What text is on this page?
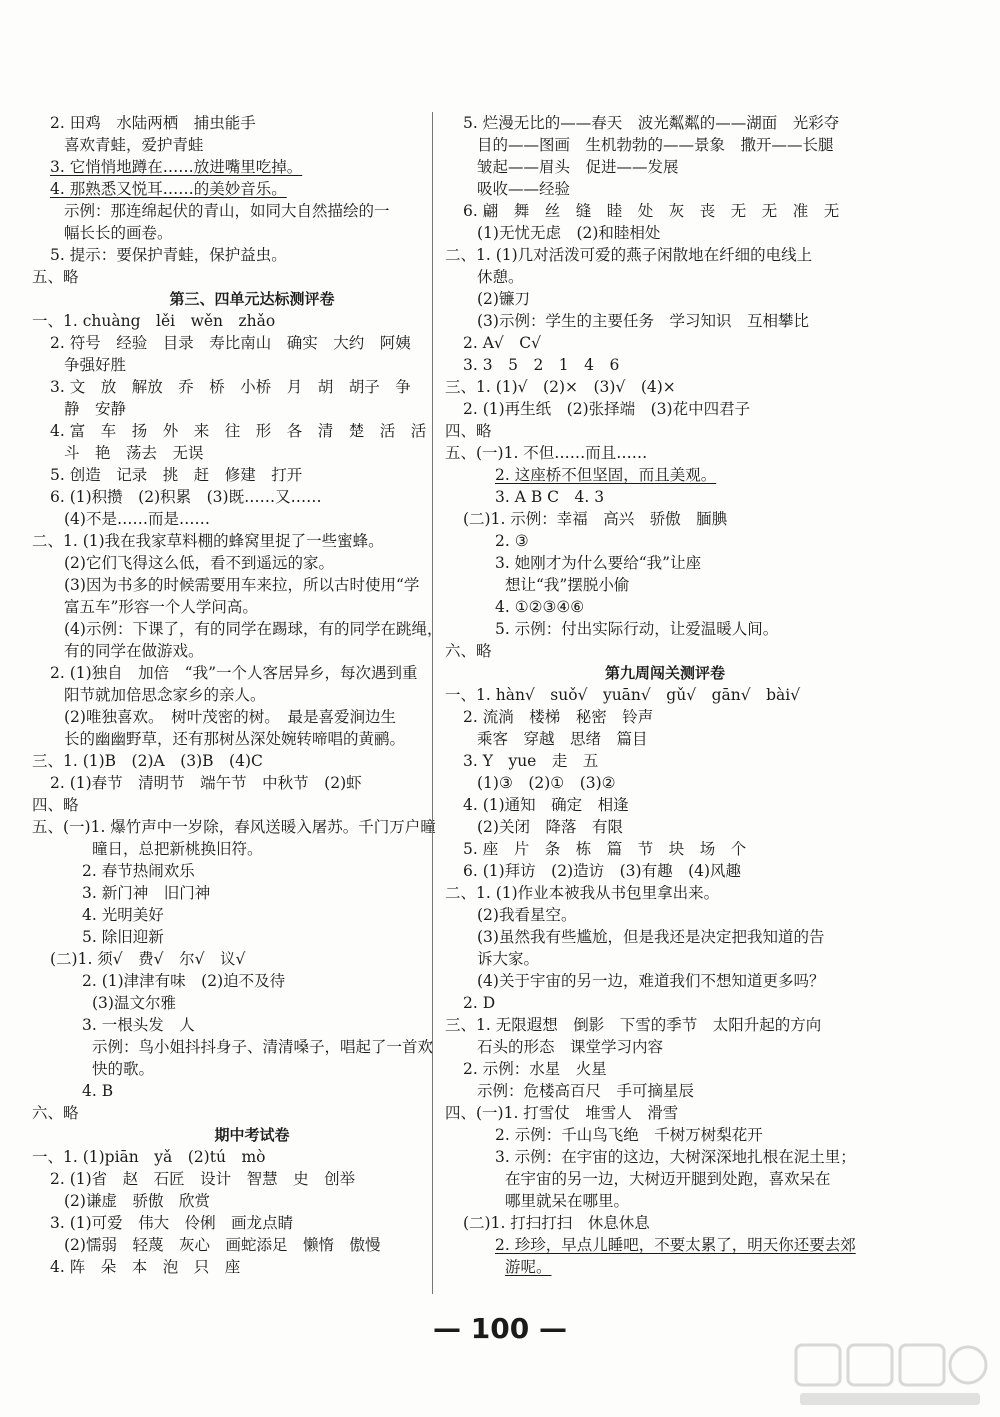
2. 田鸡　水陆两栖　捕虫能手
喜欢青蛙，爱护青蛙
3. 它悄悄地蹲在……放进嘴里吃掉。
4. 那熟悉又悦耳……的美妙音乐。
示例：那连绵起伏的青山，如同大自然描绘的一
幅长长的画卷。
5. 提示：要保护青蛙，保护益虫。
五、略
第三、四单元达标测评卷
一、1. chuàng　lěi　wěn　zhǎo
2. 符号　经验　目录　寿比南山　确实　大约　阿姨
争强好胜
3. 文　放　解放　乔　桥　小桥　月　胡　胡子　争
静　安静
4. 富　车　扬　外　来　往　形　各　清　楚　活　活
斗　艳　荡去　无误
5. 创造　记录　挑　赶　修建　打开
6. (1)积攒　(2)积累　(3)既……又……
(4)不是……而是……
二、1. (1)我在我家草料棚的蜂窝里捉了一些蜜蜂。
(2)它们飞得这么低，看不到遥远的家。
(3)因为书多的时候需要用车来拉，所以古时使用“学
富五车”形容一个人学问高。
(4)示例：下课了，有的同学在踢球，有的同学在跳绳，
有的同学在做游戏。
2. (1)独自　加倍　“我”一个人客居异乡，每次遇到重
阳节就加倍思念家乡的亲人。
(2)唯独喜欢。　树叶茂密的树。　最是喜爱涧边生
长的幽幽野草，还有那树丛深处婉转啼唱的黄鹂。
三、1. (1)B　(2)A　(3)B　(4)C
2. (1)春节　清明节　端午节　中秋节　(2)虾
四、略
五、(一)1. 爆竹声中一岁除，春风送暖入屠苏。千门万户曈
曈日，总把新桃换旧符。
2. 春节热闹欢乐
3. 新门神　旧门神
4. 光明美好
5. 除旧迎新
(二)1. 须√　费√　尔√　议√
2. (1)津津有味　(2)迫不及待
(3)温文尔雅
3. 一根头发　人
示例：鸟小姐抖抖身子、清清嗓子，唱起了一首欢
快的歌。
4. B
六、略
期中考试卷
一、1. (1)piān　yǎ　(2)tú　mò
2. (1)省　赵　石匠　设计　智慧　史　创举
(2)谦虚　骄傲　欣赏
3. (1)可爱　伟大　伶俐　画龙点睛
(2)懦弱　轻蔑　灰心　画蛇添足　懒惰　傲慢
4. 阵　朵　本　泡　只　座
5. 烂漫无比的——春天　波光粼粼的——湖面　光彩夺
目的——图画　生机勃勃的——景象　撒开——长腿
皱起——眉头　促进——发展
吸收——经验
6. 翩　舞　丝　缝　睦　处　灰　丧　无　无　准　无
(1)无忧无虑　(2)和睦相处
二、1. (1)几对活泼可爱的燕子闲散地在纤细的电线上
休憩。
(2)镰刀
(3)示例：学生的主要任务　学习知识　互相攀比
2. A√　C√
3. 3　5　2　1　4　6
三、1. (1)√　(2)×　(3)√　(4)×
2. (1)再生纸　(2)张择端　(3)花中四君子
四、略
五、(一)1. 不但……而且……
2. 这座桥不但坚固，而且美观。
3. A B C　4. 3
(二)1. 示例：幸福　高兴　骄傲　腼腆
2. ③
3. 她刚才为什么要给“我”让座
想让“我”摆脱小偷
4. ①②③④⑥
5. 示例：付出实际行动，让爱温暖人间。
六、略
第九周闯关测评卷
一、1. hàn√　suǒ√　yuān√　gǔ√　gān√　bài√
2. 流淌　楼梯　秘密　铃声
乘客　穿越　思绪　篇目
3. Y　yue　走　五
(1)③　(2)①　(3)②
4. (1)通知　确定　相逢
(2)关闭　降落　有限
5. 座　片　条　栋　篇　节　块　场　个
6. (1)拜访　(2)造访　(3)有趣　(4)风趣
二、1. (1)作业本被我从书包里拿出来。
(2)我看星空。
(3)虽然我有些尴尬，但是我还是决定把我知道的告
诉大家。
(4)关于宇宙的另一边，难道我们不想知道更多吗？
2. D
三、1. 无限遐想　倒影　下雪的季节　太阳升起的方向
石头的形态　课堂学习内容
2. 示例：水星　火星
示例：危楼高百尺　手可摘星辰
四、(一)1. 打雪仗　堆雪人　滑雪
2. 示例：千山鸟飞绝　千树万树梨花开
3. 示例：在宇宙的这边，大树深深地扎根在泥土里；
在宇宙的另一边，大树迈开腿到处跑，喜欢呆在
哪里就呆在哪里。
(二)1. 打扫打扫　休息休息
2. 珍珍，早点儿睡吧，不要太累了，明天你还要去郊
游呢。
— 100 —
